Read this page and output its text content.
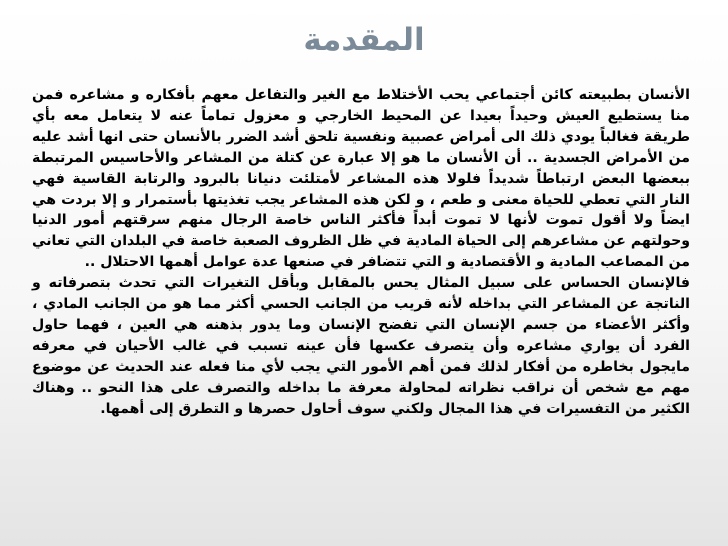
المقدمة

الأنسان بطبيعته كائن أجتماعي يحب الأختلاط مع الغير والتفاعل معهم بأفكاره و مشاعره فمن منا يستطيع العيش وحيداً بعيدا عن المحيط الخارجي و معزول تماماً عنه لا يتعامل معه بأي طريقة فغالباً يودي ذلك الى أمراض عصبية ونفسية تلحق أشد الضرر بالأنسان حتى انها أشد عليه من الأمراض الجسدية .. أن الأنسان ما هو إلا عبارة عن كتلة من المشاعر والأحاسيس المرتبطة ببعضها البعض ارتباطاً شديداً فلولا هذه المشاعر لأمتلئت دنيانا بالبرود والرتابة القاسية فهي النار التي تعطي للحياة معنى و طعم ، و لكن هذه المشاعر يجب تغذيتها بأستمرار و إلا بردت هي ايضاً ولا أقول تموت لأنها لا تموت أبداً فأكثر الناس خاصة الرجال منهم سرقتهم أمور الدنيا وحولتهم عن مشاعرهم إلى الحياة المادية في ظل الظروف الصعبة خاصة في البلدان التي تعاني من المصاعب المادية و الأقتصادية و التي تتضافر في صنعها عدة عوامل أهمها الاحتلال ..

فالإنسان الحساس على سبيل المثال يحس بالمقابل وبأقل التغيرات التي تحدث بتصرفاته و الناتجة عن المشاعر التي بداخله لأنه قريب من الجانب الحسي أكثر مما هو من الجانب المادي ، وأكثر الأعضاء من جسم الإنسان التي تفضح الإنسان وما يدور بذهنه هي العين ، فهما حاول الفرد أن يواري مشاعره وأن يتصرف عكسها فأن عينه تسبب في غالب الأحيان في معرفه مايجول بخاطره من أفكار لذلك فمن أهم الأمور التي يجب لأي منا فعله عند الحديث عن موضوع مهم مع شخص أن نراقب نظراته لمحاولة معرفة ما بداخله والتصرف على هذا النحو .. وهناك الكثير من التفسيرات في هذا المجال ولكني سوف أحاول حصرها و التطرق إلى أهمها.
